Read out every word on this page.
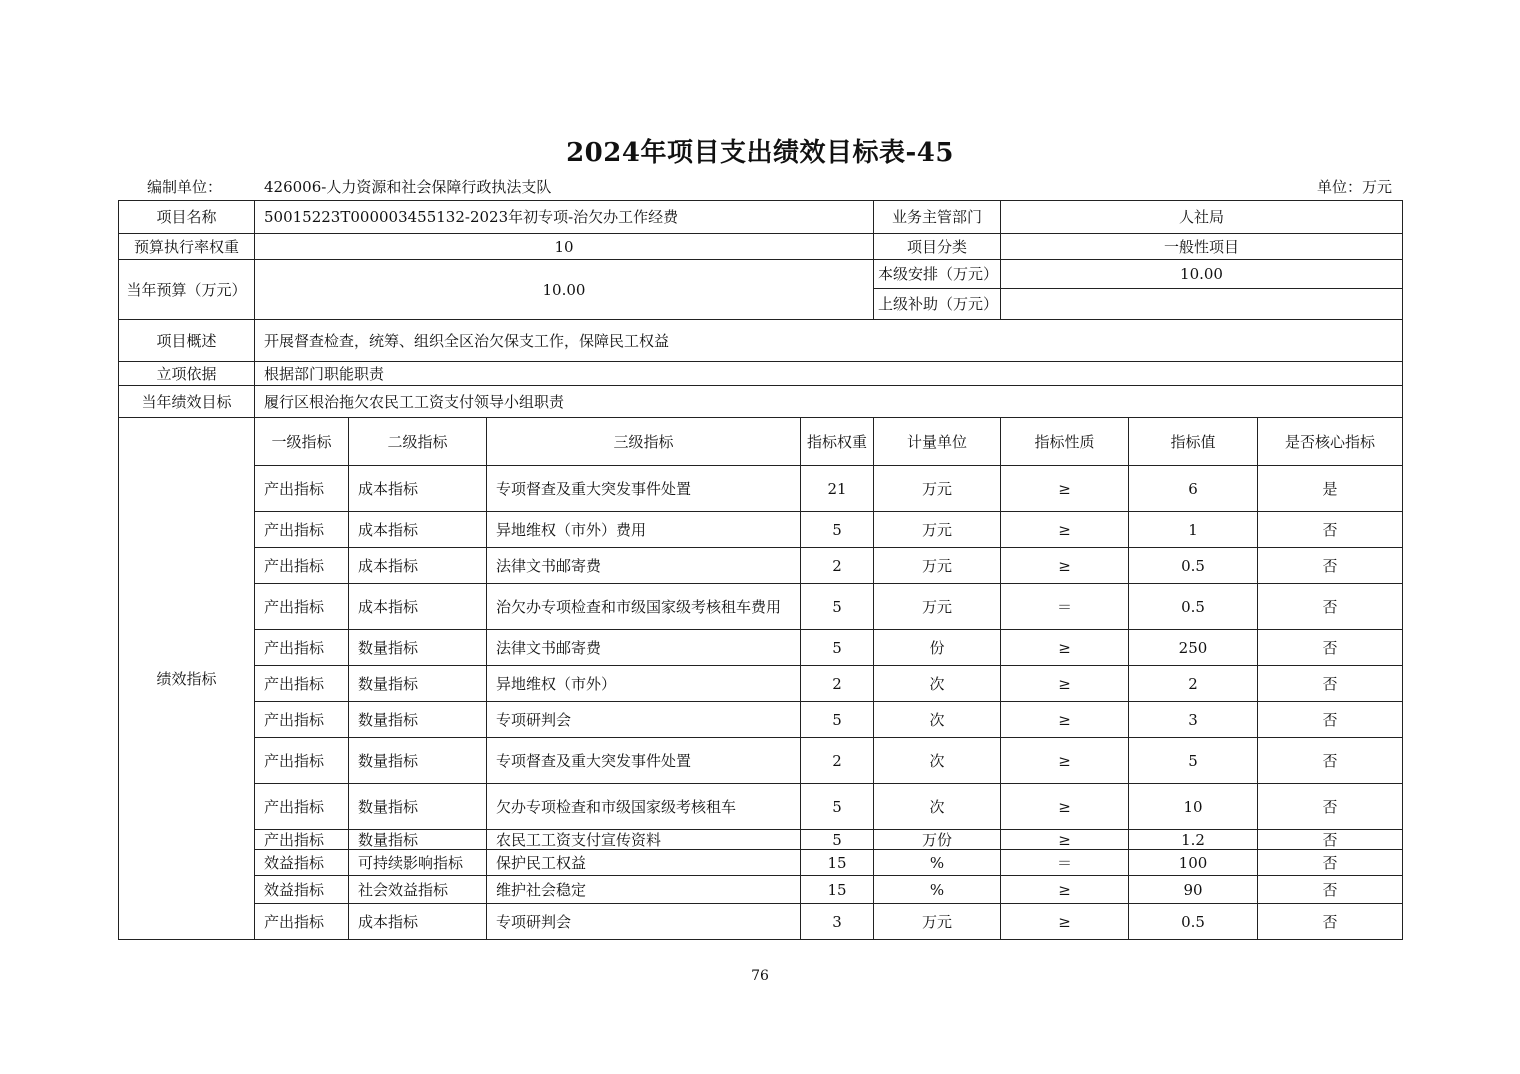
2024年项目支出绩效目标表-45
编制单位：	426006-人力资源和社会保障行政执法支队	单位：万元
项目名称	50015223T000003455132-2023年初专项-治欠办工作经费				业务主管部门	人社局		
预算执行率权重	10				项目分类	一般性项目		
当年预算（万元）	10.00				本级安排（万元）	10.00		
					上级补助（万元）			
项目概述	开展督查检查，统筹、组织全区治欠保支工作，保障民工权益							
立项依据	根据部门职能职责							
当年绩效目标	履行区根治拖欠农民工工资支付领导小组职责							
绩效指标	一级指标	二级指标	三级指标	指标权重	计量单位	指标性质	指标值	是否核心指标
	产出指标	成本指标	专项督查及重大突发事件处置	21	万元	≥	6	是
	产出指标	成本指标	异地维权（市外）费用	5	万元	≥	1	否
	产出指标	成本指标	法律文书邮寄费	2	万元	≥	0.5	否
	产出指标	成本指标	治欠办专项检查和市级国家级考核租车费用	5	万元	＝	0.5	否
	产出指标	数量指标	法律文书邮寄费	5	份	≥	250	否
	产出指标	数量指标	异地维权（市外）	2	次	≥	2	否
	产出指标	数量指标	专项研判会	5	次	≥	3	否
	产出指标	数量指标	专项督查及重大突发事件处置	2	次	≥	5	否
	产出指标	数量指标	欠办专项检查和市级国家级考核租车	5	次	≥	10	否
	产出指标	数量指标	农民工工资支付宣传资料	5	万份	≥	1.2	否
	效益指标	可持续影响指标	保护民工权益	15	%	＝	100	否
	效益指标	社会效益指标	维护社会稳定	15	%	≥	90	否
	产出指标	成本指标	专项研判会	3	万元	≥	0.5	否
76
